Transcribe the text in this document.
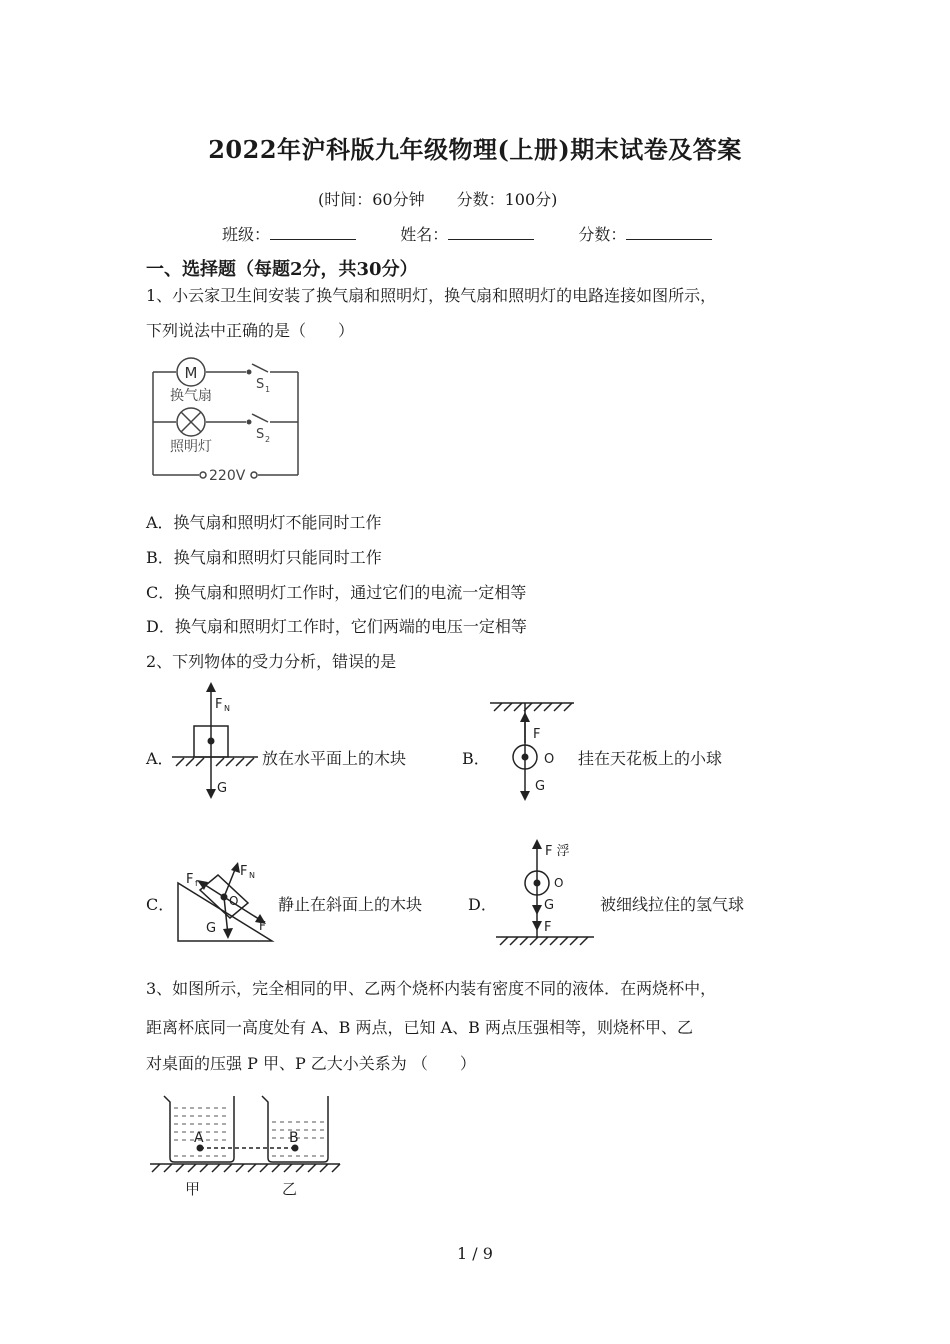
2022年沪科版九年级物理(上册)期末试卷及答案
(时间：60分钟　　分数：100分)
班级：	姓名：	分数：
一、选择题（每题2分，共30分）
1、小云家卫生间安装了换气扇和照明灯，换气扇和照明灯的电路连接如图所示，
下列说法中正确的是（　　）
M
换气扇
照明灯
S 1
S 2
220V
A．换气扇和照明灯不能同时工作
B．换气扇和照明灯只能同时工作
C．换气扇和照明灯工作时，通过它们的电流一定相等
D．换气扇和照明灯工作时，它们两端的电压一定相等
2、下列物体的受力分析，错误的是
A．
F N
G
放在水平面上的木块	B．
F
O
G
挂在天花板上的小球
C．
F f
F N
O
G	F
静止在斜面上的木块	D．
F 浮
O
G
F
被细线拉住的氢气球
3、如图所示，完全相同的甲、乙两个烧杯内装有密度不同的液体．在两烧杯中，
距离杯底同一高度处有 A、B 两点，已知 A、B 两点压强相等，则烧杯甲、乙
对桌面的压强 P 甲、P 乙大小关系为 （　　）
A	B
甲	乙
1 / 9
